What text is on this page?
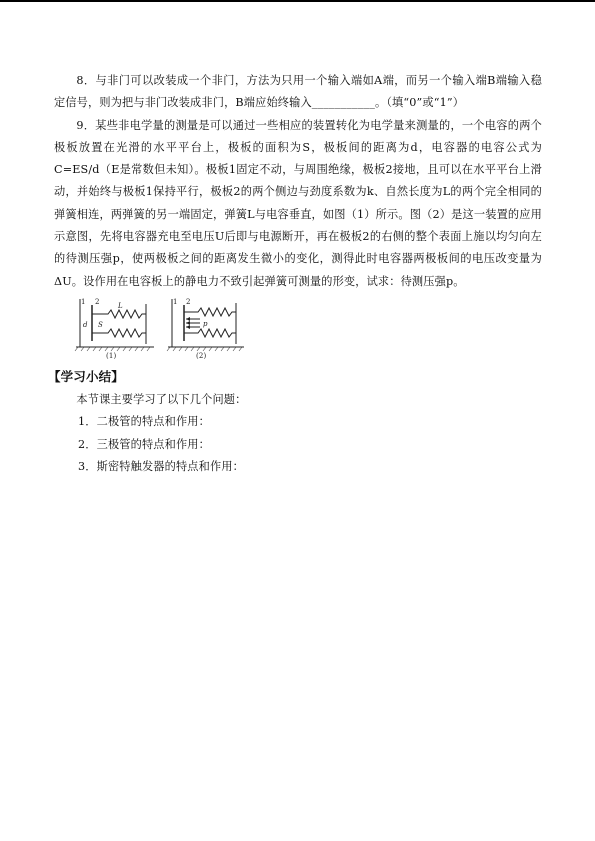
8．与非门可以改装成一个非门，方法为只用一个输入端如A端，而另一个输入端B端输入稳定信号，则为把与非门改装成非门，B端应始终输入___________。（填“0”或“1”）

9．某些非电学量的测量是可以通过一些相应的装置转化为电学量来测量的，一个电容的两个极板放置在光滑的水平平台上，极板的面积为S，极板间的距离为d，电容器的电容公式为C=ES/d（E是常数但未知）。极板1固定不动，与周围绝缘，极板2接地，且可以在水平平台上滑动，并始终与极板1保持平行，极板2的两个侧边与劲度系数为k、自然长度为L的两个完全相同的弹簧相连，两弹簧的另一端固定，弹簧L与电容垂直，如图（1）所示。图（2）是这一装置的应用示意图，先将电容器充电至电压U后即与电源断开，再在极板2的右侧的整个表面上施以均匀向左的待测压强p，使两极板之间的距离发生微小的变化，测得此时电容器两极板间的电压改变量为ΔU。设作用在电容板上的静电力不致引起弹簧可测量的形变，试求：待测压强p。

1 2	L
d S
(1)
1 2
p
(2)
【学习小结】

本节课主要学习了以下几个问题：

1．二极管的特点和作用：

2．三极管的特点和作用：

3．斯密特触发器的特点和作用：
